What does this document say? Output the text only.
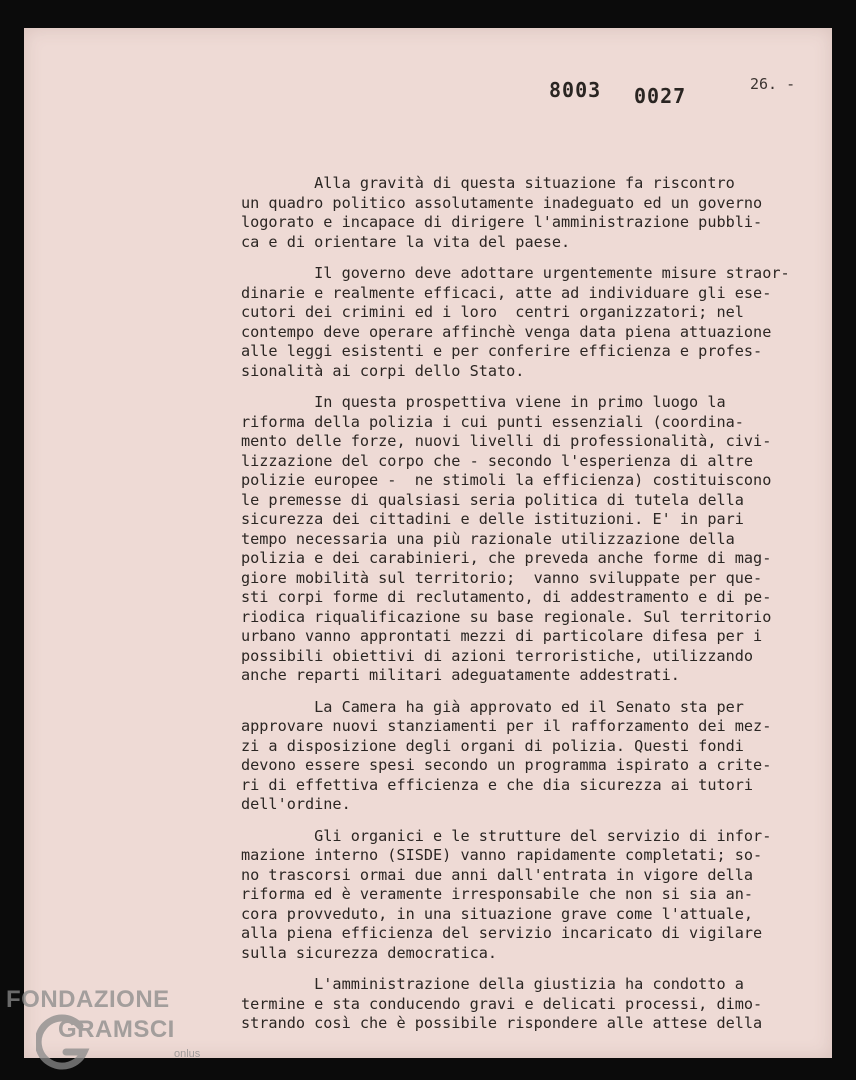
8003 0027	26. -

Alla gravità di questa situazione fa riscontro
un quadro politico assolutamente inadeguato ed un governo
logorato e incapace di dirigere l'amministrazione pubbli-
ca e di orientare la vita del paese.

Il governo deve adottare urgentemente misure straor-
dinarie e realmente efficaci, atte ad individuare gli ese-
cutori dei crimini ed i loro  centri organizzatori; nel
contempo deve operare affinchè venga data piena attuazione
alle leggi esistenti e per conferire efficienza e profes-
sionalità ai corpi dello Stato.

In questa prospettiva viene in primo luogo la
riforma della polizia i cui punti essenziali (coordina-
mento delle forze, nuovi livelli di professionalità, civi-
lizzazione del corpo che - secondo l'esperienza di altre
polizie europee -  ne stimoli la efficienza) costituiscono
le premesse di qualsiasi seria politica di tutela della
sicurezza dei cittadini e delle istituzioni. E' in pari
tempo necessaria una più razionale utilizzazione della
polizia e dei carabinieri, che preveda anche forme di mag-
giore mobilità sul territorio;  vanno sviluppate per que-
sti corpi forme di reclutamento, di addestramento e di pe-
riodica riqualificazione su base regionale. Sul territorio
urbano vanno approntati mezzi di particolare difesa per i
possibili obiettivi di azioni terroristiche, utilizzando
anche reparti militari adeguatamente addestrati.

La Camera ha già approvato ed il Senato sta per
approvare nuovi stanziamenti per il rafforzamento dei mez-
zi a disposizione degli organi di polizia. Questi fondi
devono essere spesi secondo un programma ispirato a crite-
ri di effettiva efficienza e che dia sicurezza ai tutori
dell'ordine.

Gli organici e le strutture del servizio di infor-
mazione interno (SISDE) vanno rapidamente completati; so-
no trascorsi ormai due anni dall'entrata in vigore della
riforma ed è veramente irresponsabile che non si sia an-
cora provveduto, in una situazione grave come l'attuale,
alla piena efficienza del servizio incaricato di vigilare
sulla sicurezza democratica.

L'amministrazione della giustizia ha condotto a
termine e sta conducendo gravi e delicati processi, dimo-
strando così che è possibile rispondere alle attese della

FONDAZIONE
GRAMSCI
onlus
